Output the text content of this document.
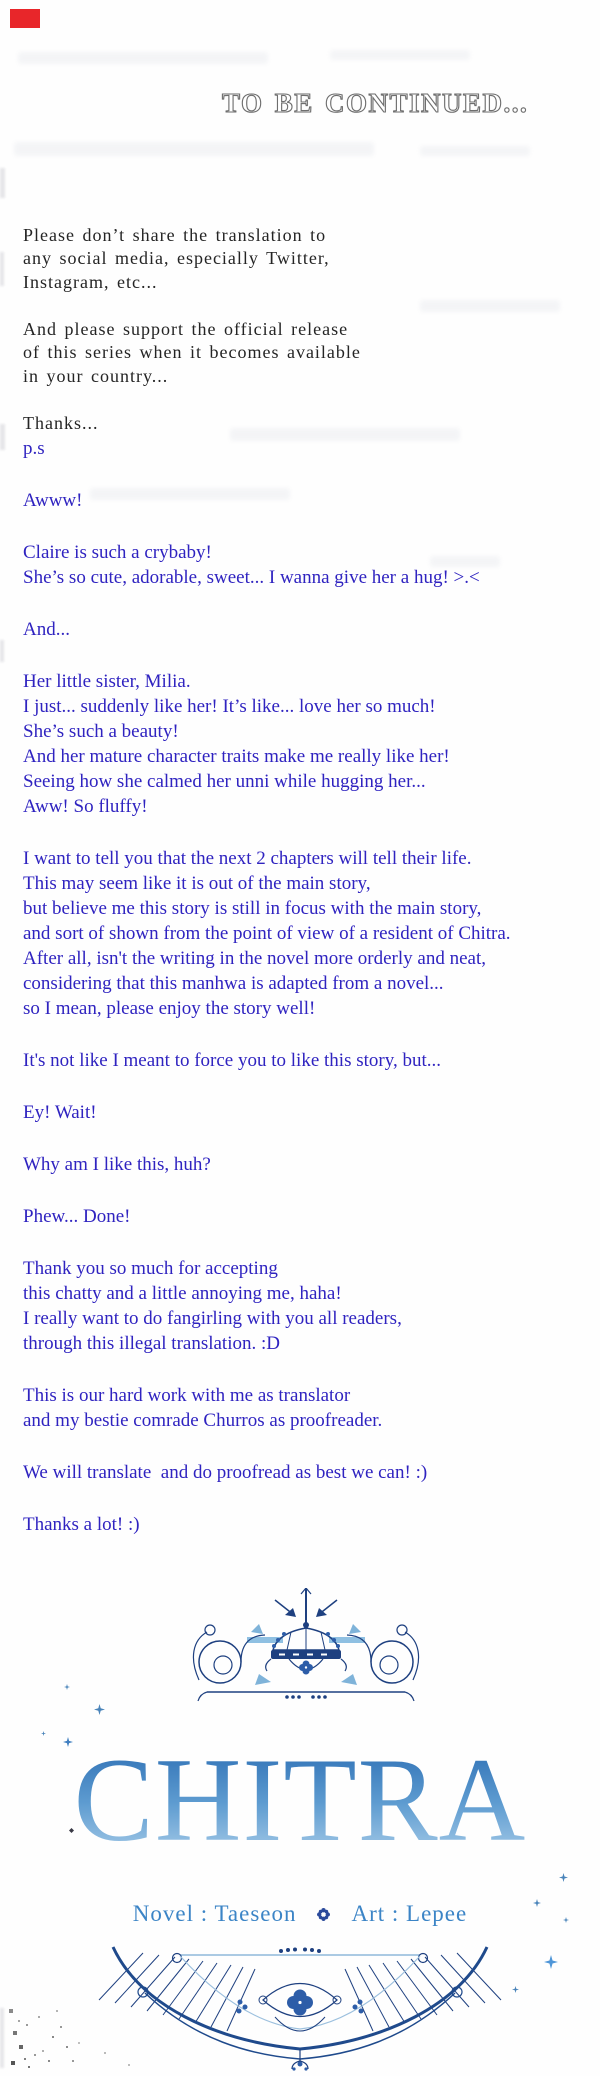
TO BE CONTINUED...

Please don’t share the translation to
any social media, especially Twitter,
Instagram, etc...

And please support the official release
of this series when it becomes available
in your country...

Thanks...

p.s

Awww!

Claire is such a crybaby!
She’s so cute, adorable, sweet... I wanna give her a hug! >.<

And...

Her little sister, Milia.
I just... suddenly like her! It’s like... love her so much!
She’s such a beauty!
And her mature character traits make me really like her!
Seeing how she calmed her unni while hugging her...
Aww! So fluffy!

I want to tell you that the next 2 chapters will tell their life.
This may seem like it is out of the main story,
but believe me this story is still in focus with the main story,
and sort of shown from the point of view of a resident of Chitra.
After all, isn't the writing in the novel more orderly and neat,
considering that this manhwa is adapted from a novel...
so I mean, please enjoy the story well!

It's not like I meant to force you to like this story, but...

Ey! Wait!

Why am I like this, huh?

Phew... Done!

Thank you so much for accepting
this chatty and a little annoying me, haha!
I really want to do fangirling with you all readers,
through this illegal translation. :D

This is our hard work with me as translator
and my bestie comrade Churros as proofreader.

We will translate  and do proofread as best we can! :)

Thanks a lot! :)

CHITRA
Novel : Taeseon Art : Lepee
